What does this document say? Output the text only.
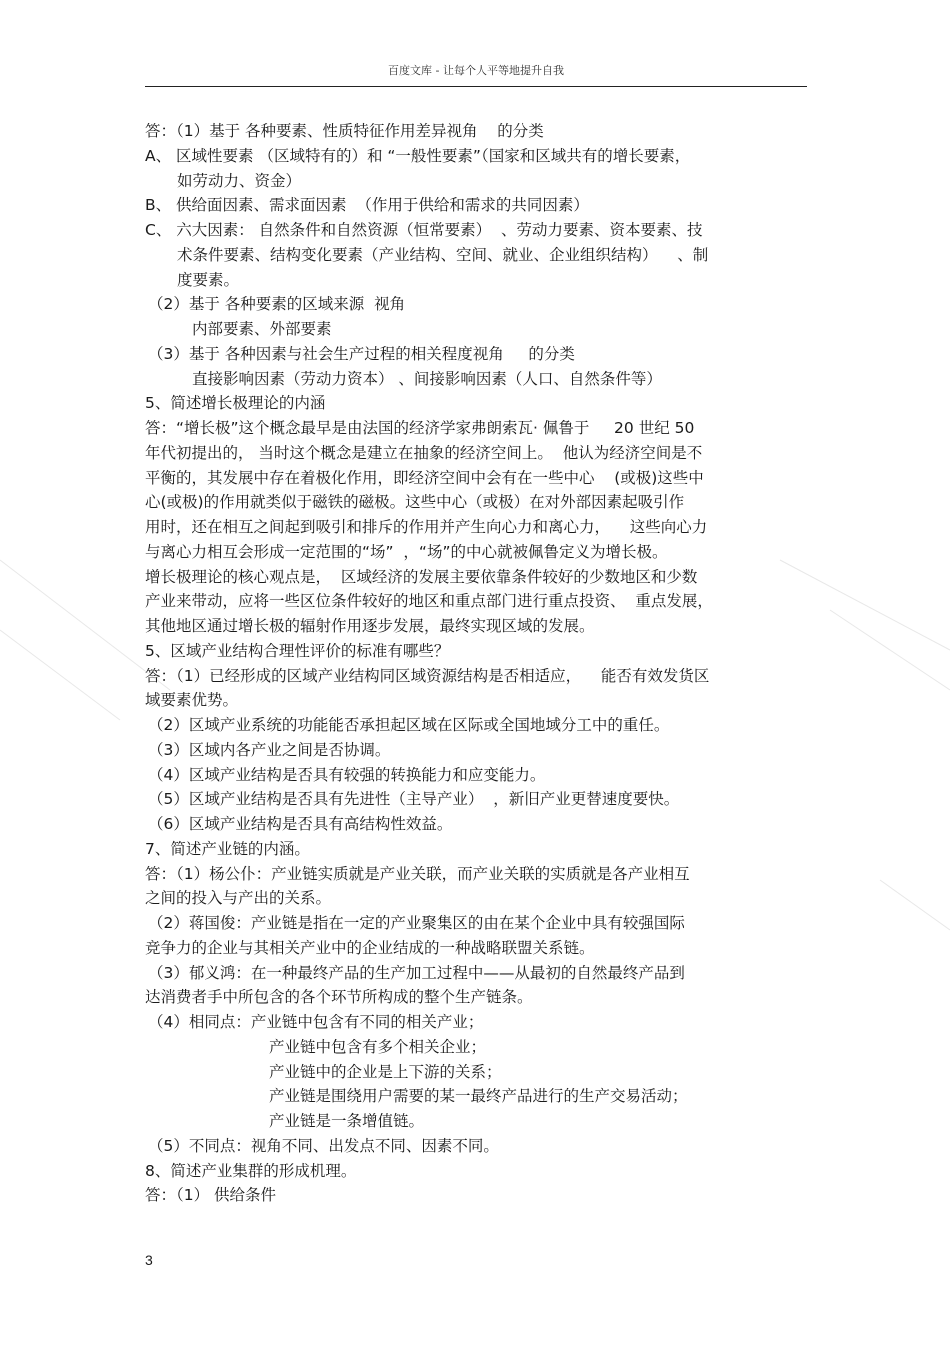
百度文库 - 让每个人平等地提升自我
答：（1）基于 各种要素、性质特征作用差异视角    的分类
A、 区域性要素 （区域特有的）和 “一般性要素”（国家和区域共有的增长要素，
如劳动力、资金）
B、 供给面因素、需求面因素  （作用于供给和需求的共同因素）
C、 六大因素： 自然条件和自然资源（恒常要素）  、劳动力要素、资本要素、技
术条件要素、结构变化要素（产业结构、空间、就业、企业组织结构）    、制
度要素。
（2）基于 各种要素的区域来源  视角
内部要素、外部要素
（3）基于 各种因素与社会生产过程的相关程度视角     的分类
直接影响因素（劳动力资本） 、间接影响因素（人口、自然条件等）
5、简述增长极理论的内涵
答：“增长极”这个概念最早是由法国的经济学家弗朗索瓦· 佩鲁于     20 世纪 50
年代初提出的， 当时这个概念是建立在抽象的经济空间上。  他认为经济空间是不
平衡的，其发展中存在着极化作用，即经济空间中会有在一些中心    (或极)这些中
心(或极)的作用就类似于磁铁的磁极。这些中心（或极）在对外部因素起吸引作
用时，还在相互之间起到吸引和排斥的作用并产生向心力和离心力，    这些向心力
与离心力相互会形成一定范围的“场”  ，“场”的中心就被佩鲁定义为增长极。
增长极理论的核心观点是，  区域经济的发展主要依靠条件较好的少数地区和少数
产业来带动，应将一些区位条件较好的地区和重点部门进行重点投资、  重点发展，
其他地区通过增长极的辐射作用逐步发展，最终实现区域的发展。
5、区域产业结构合理性评价的标准有哪些？
答：（1）已经形成的区域产业结构同区域资源结构是否相适应，    能否有效发货区
域要素优势。
（2）区域产业系统的功能能否承担起区域在区际或全国地域分工中的重任。
（3）区域内各产业之间是否协调。
（4）区域产业结构是否具有较强的转换能力和应变能力。
（5）区域产业结构是否具有先进性（主导产业）  ，新旧产业更替速度要快。
（6）区域产业结构是否具有高结构性效益。
7、简述产业链的内涵。
答：（1）杨公仆：产业链实质就是产业关联，而产业关联的实质就是各产业相互
之间的投入与产出的关系。
（2）蒋国俊：产业链是指在一定的产业聚集区的由在某个企业中具有较强国际
竞争力的企业与其相关产业中的企业结成的一种战略联盟关系链。
（3）郁义鸿：在一种最终产品的生产加工过程中——从最初的自然最终产品到
达消费者手中所包含的各个环节所构成的整个生产链条。
（4）相同点：产业链中包含有不同的相关产业；
产业链中包含有多个相关企业；
产业链中的企业是上下游的关系；
产业链是围绕用户需要的某一最终产品进行的生产交易活动；
产业链是一条增值链。
（5）不同点：视角不同、出发点不同、因素不同。
8、简述产业集群的形成机理。
答：（1） 供给条件
3
